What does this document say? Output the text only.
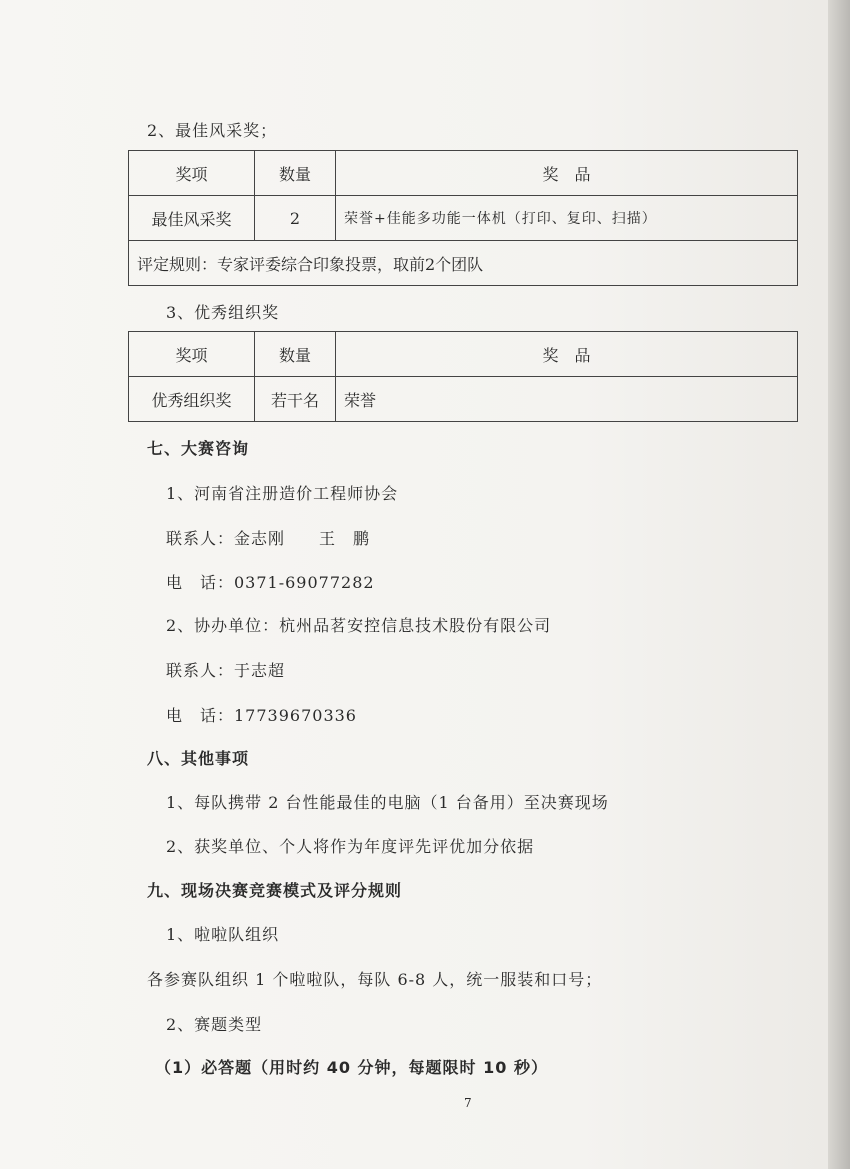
2、最佳风采奖；
奖项	数量	奖　品
最佳风采奖	2	荣誉+佳能多功能一体机（打印、复印、扫描）
评定规则：专家评委综合印象投票，取前2个团队		
3、优秀组织奖
奖项	数量	奖　品
优秀组织奖	若干名	荣誉
七、大赛咨询
1、河南省注册造价工程师协会
联系人：金志刚　　王　鹏
电　话：0371-69077282
2、协办单位：杭州品茗安控信息技术股份有限公司
联系人：于志超
电　话：17739670336
八、其他事项
1、每队携带 2 台性能最佳的电脑（1 台备用）至决赛现场
2、获奖单位、个人将作为年度评先评优加分依据
九、现场决赛竞赛模式及评分规则
1、啦啦队组织
各参赛队组织 1 个啦啦队，每队 6-8 人，统一服装和口号；
2、赛题类型
（1）必答题（用时约 40 分钟，每题限时 10 秒）
7
